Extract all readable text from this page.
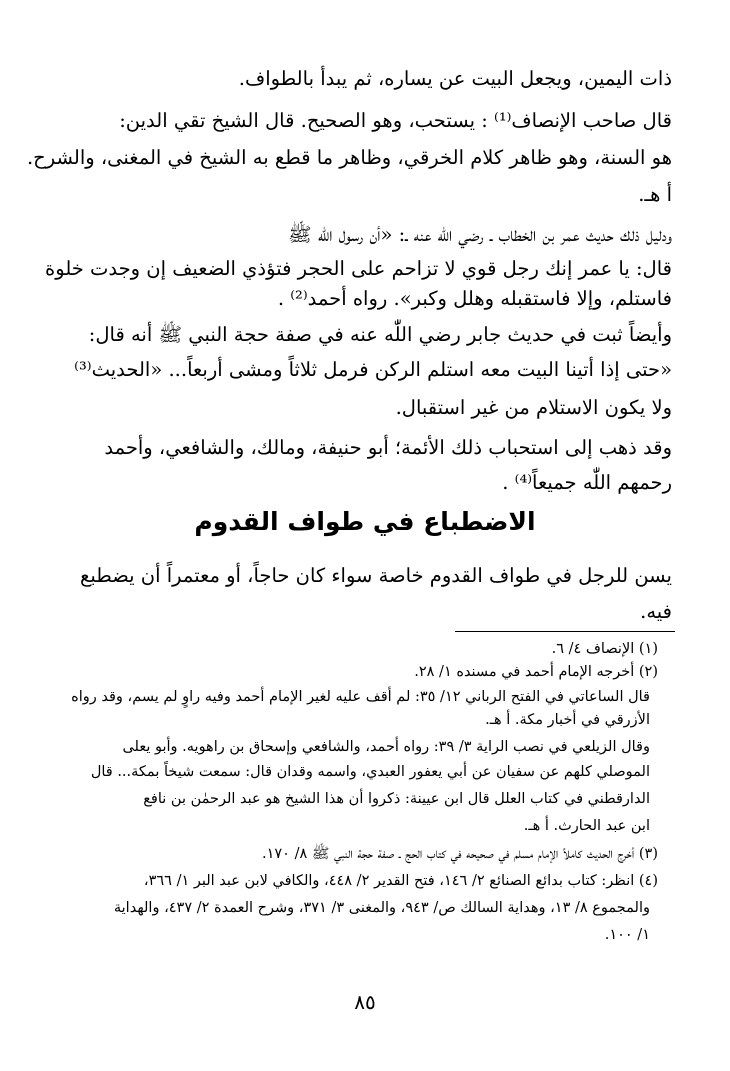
ذات اليمين، ويجعل البيت عن يساره، ثم يبدأ بالطواف.
قال صاحب الإنصاف⁽¹⁾ : يستحب، وهو الصحيح. قال الشيخ تقي الدين:
هو السنة، وهو ظاهر كلام الخرقي، وظاهر ما قطع به الشيخ في المغنى، والشرح.
أ هـ.
ودليل ذلك حديث عمر بن الخطاب ـ رضي اللّٰه عنه ـ: «أن رسول اللّٰه ﷺ
قال: يا عمر إنك رجل قوي لا تزاحم على الحجر فتؤذي الضعيف إن وجدت خلوة
فاستلم، وإلا فاستقبله وهلل وكبر». رواه أحمد⁽²⁾ .
وأيضاً ثبت في حديث جابر رضي اللّٰه عنه في صفة حجة النبي ﷺ أنه قال:
«حتى إذا أتينا البيت معه استلم الركن فرمل ثلاثاً ومشى أربعاً... «الحديث⁽³⁾
ولا يكون الاستلام من غير استقبال.
وقد ذهب إلى استحباب ذلك الأئمة؛ أبو حنيفة، ومالك، والشافعي، وأحمد
رحمهم اللّٰه جميعاً⁽⁴⁾ .
الاضطباع في طواف القدوم
يسن للرجل في طواف القدوم خاصة سواء كان حاجاً، أو معتمراً أن يضطبع
فيه.
(١) الإنصاف ٤/ ٦.
(٢) أخرجه الإمام أحمد في مسنده ١/ ٢٨.
قال الساعاتي في الفتح الرباني ١٢/ ٣٥: لم أقف عليه لغير الإمام أحمد وفيه راوٍ لم يسم، وقد رواه
الأزرقي في أخبار مكة. أ هـ.
وقال الزيلعي في نصب الراية ٣/ ٣٩: رواه أحمد، والشافعي وإسحاق بن راهويه. وأبو يعلى
الموصلي كلهم عن سفيان عن أبي يعفور العبدي، واسمه وقدان قال: سمعت شيخاً بمكة... قال
الدارقطني في كتاب العلل قال ابن عيينة: ذكروا أن هذا الشيخ هو عبد الرحمٰن بن نافع
ابن عبد الحارث. أ هـ.
(٣) أخرج الحديث كاملاً الإمام مسلم في صحيحه في كتاب الحج ـ صفة حجة النبي ﷺ ٨/ ١٧٠.
(٤) انظر: كتاب بدائع الصنائع ٢/ ١٤٦، فتح القدير ٢/ ٤٤٨، والكافي لابن عبد البر ١/ ٣٦٦،
والمجموع ٨/ ١٣، وهداية السالك ص/ ٩٤٣، والمغنى ٣/ ٣٧١، وشرح العمدة ٢/ ٤٣٧، والهداية
١/ ١٠٠.
٨٥
